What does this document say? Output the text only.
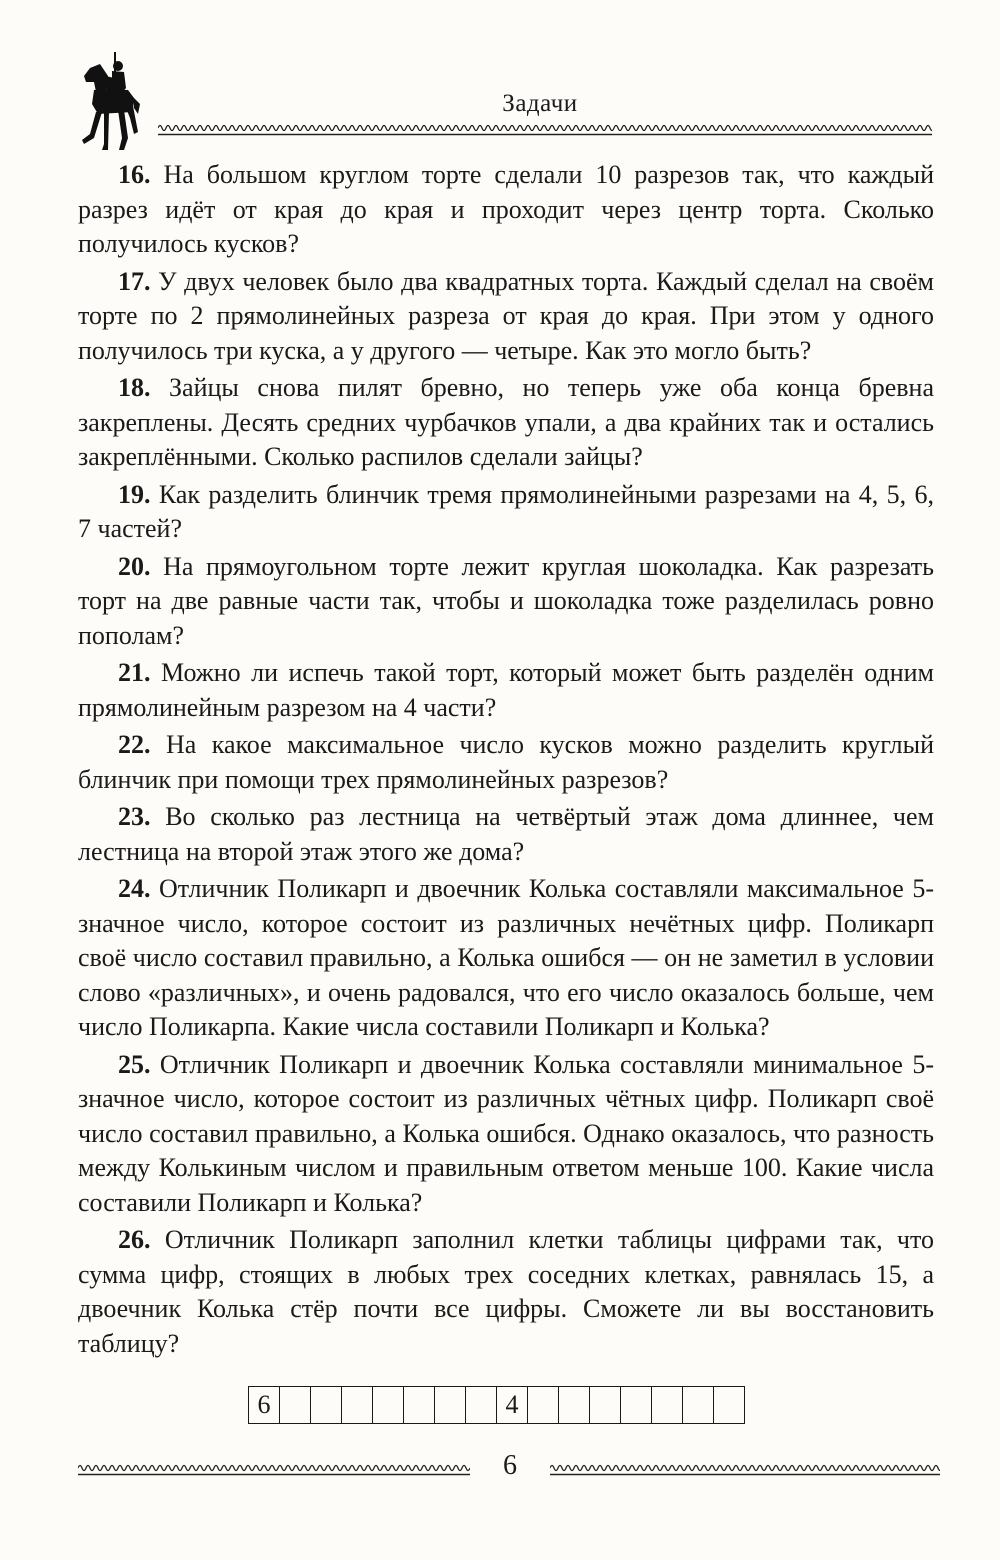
Задачи

16. На большом круглом торте сделали 10 разрезов так, что каждый разрез идёт от края до края и проходит через центр торта. Сколько получилось кусков?

17. У двух человек было два квадратных торта. Каждый сделал на своём торте по 2 прямолинейных разреза от края до края. При этом у одного получилось три куска, а у другого — четыре. Как это могло быть?

18. Зайцы снова пилят бревно, но теперь уже оба конца бревна закреплены. Десять средних чурбачков упали, а два крайних так и остались закреплёнными. Сколько распилов сделали зайцы?

19. Как разделить блинчик тремя прямолинейными разрезами на 4, 5, 6, 7 частей?

20. На прямоугольном торте лежит круглая шоколадка. Как разрезать торт на две равные части так, чтобы и шоколадка тоже разделилась ровно пополам?

21. Можно ли испечь такой торт, который может быть разделён одним прямолинейным разрезом на 4 части?

22. На какое максимальное число кусков можно разделить круглый блинчик при помощи трех прямолинейных разрезов?

23. Во сколько раз лестница на четвёртый этаж дома длиннее, чем лестница на второй этаж этого же дома?

24. Отличник Поликарп и двоечник Колька составляли максимальное 5-значное число, которое состоит из различных нечётных цифр. Поликарп своё число составил правильно, а Колька ошибся — он не заметил в условии слово «различных», и очень радовался, что его число оказалось больше, чем число Поликарпа. Какие числа составили Поликарп и Колька?

25. Отличник Поликарп и двоечник Колька составляли минимальное 5-значное число, которое состоит из различных чётных цифр. Поликарп своё число составил правильно, а Колька ошибся. Однако оказалось, что разность между Колькиным числом и правильным ответом меньше 100. Какие числа составили Поликарп и Колька?

26. Отличник Поликарп заполнил клетки таблицы цифрами так, что сумма цифр, стоящих в любых трех соседних клетках, равнялась 15, а двоечник Колька стёр почти все цифры. Сможете ли вы восстановить таблицу?

6								4							
6
